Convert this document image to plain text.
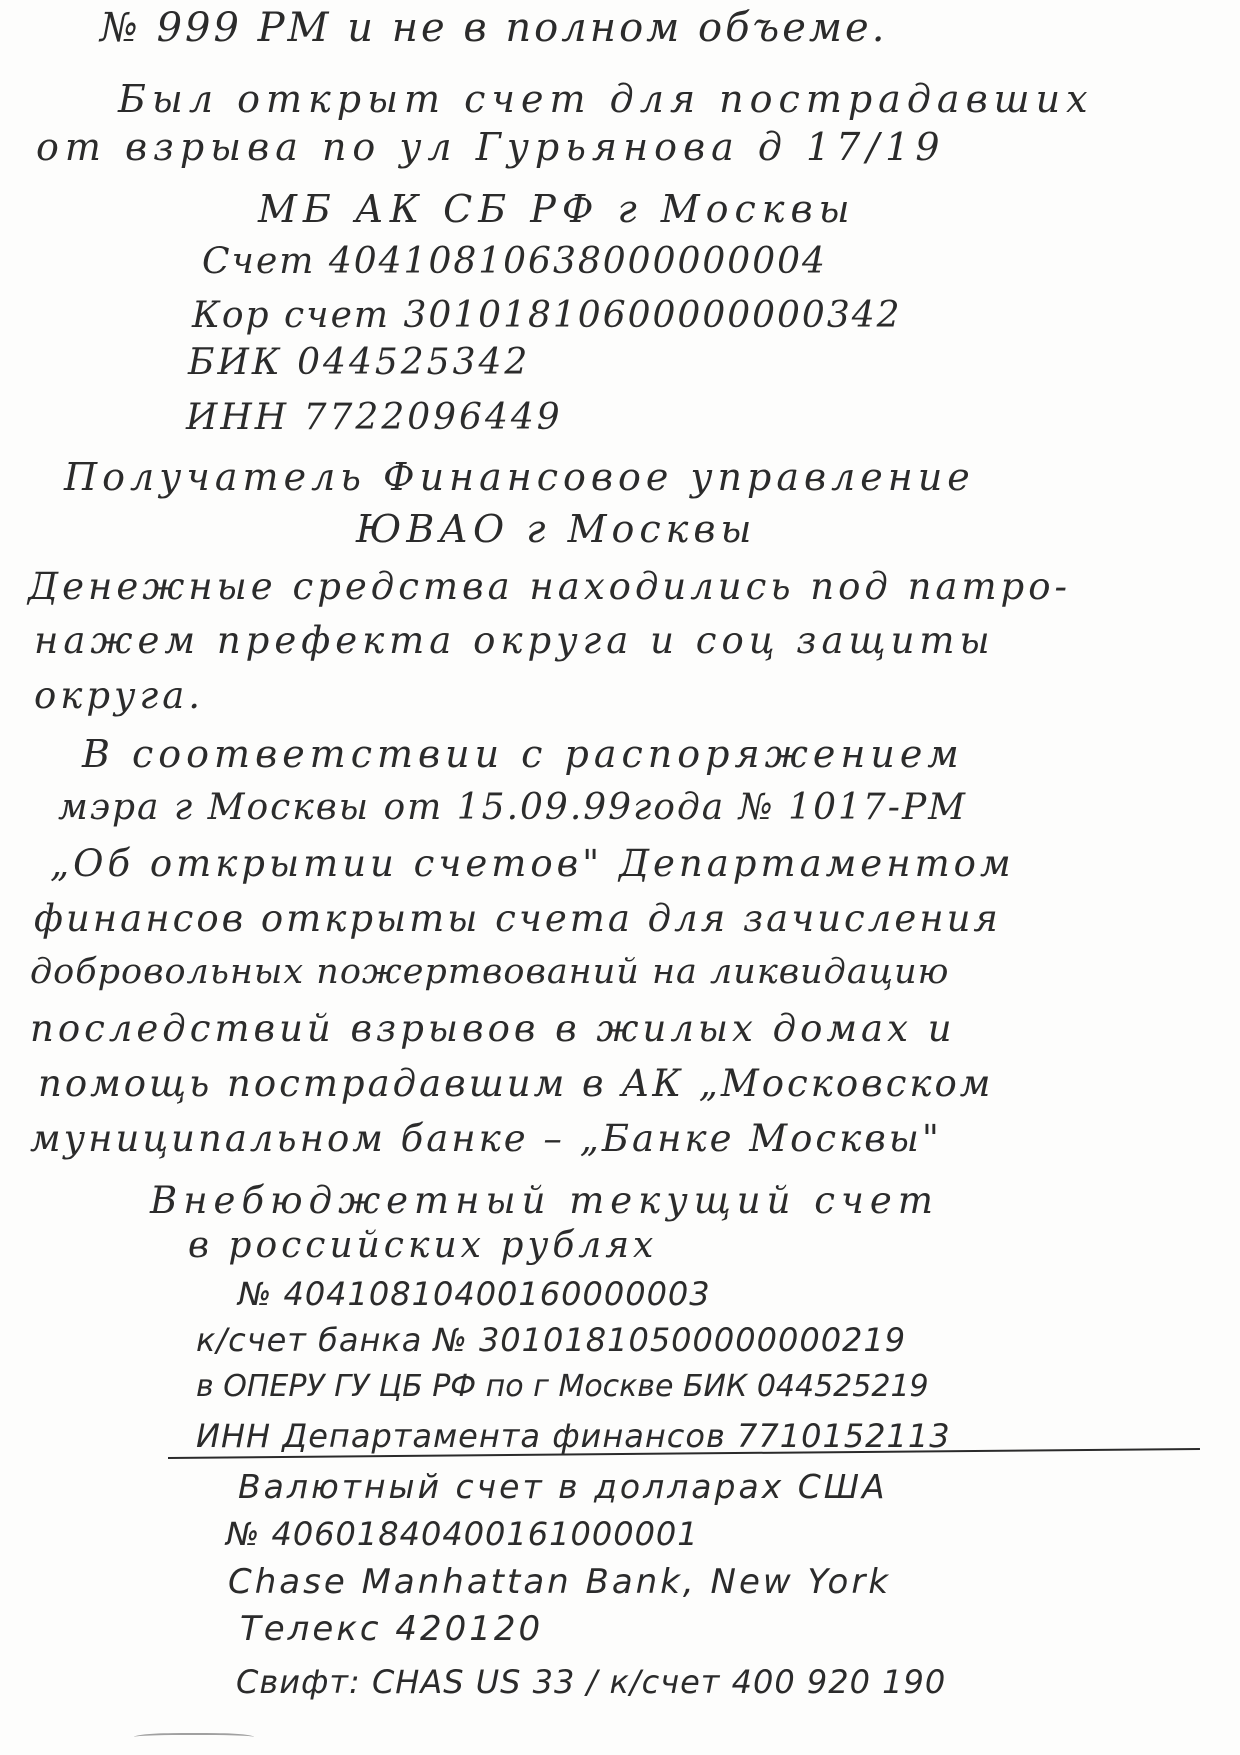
№ 999 РМ и не в полном объеме.
Был открыт счет для пострадавших
от взрыва по ул Гурьянова д 17/19
МБ АК СБ РФ г Москвы
Счет 40410810638000000004
Кор счет 30101810600000000342
БИК 044525342
ИНН 7722096449
Получатель Финансовое управление
ЮВАО г Москвы
Денежные средства находились под патро-
нажем префекта округа и соц защиты
округа.
В соответствии с распоряжением
мэра г Москвы от 15.09.99года № 1017-РМ
„Об открытии счетов" Департаментом
финансов открыты счета для зачисления
добровольных пожертвований на ликвидацию
последствий взрывов в жилых домах и
помощь пострадавшим в АК „Московском
муниципальном банке – „Банке Москвы"
Внебюджетный текущий счет
в российских рублях
№ 40410810400160000003
к/счет банка № 30101810500000000219
в ОПЕРУ ГУ ЦБ РФ по г Москве БИК 044525219
ИНН Департамента финансов 7710152113
Валютный счет в долларах США
№ 40601840400161000001
Chase Manhattan Bank, New York
Телекс 420120
Свифт: CHAS US 33 / к/счет 400 920 190
